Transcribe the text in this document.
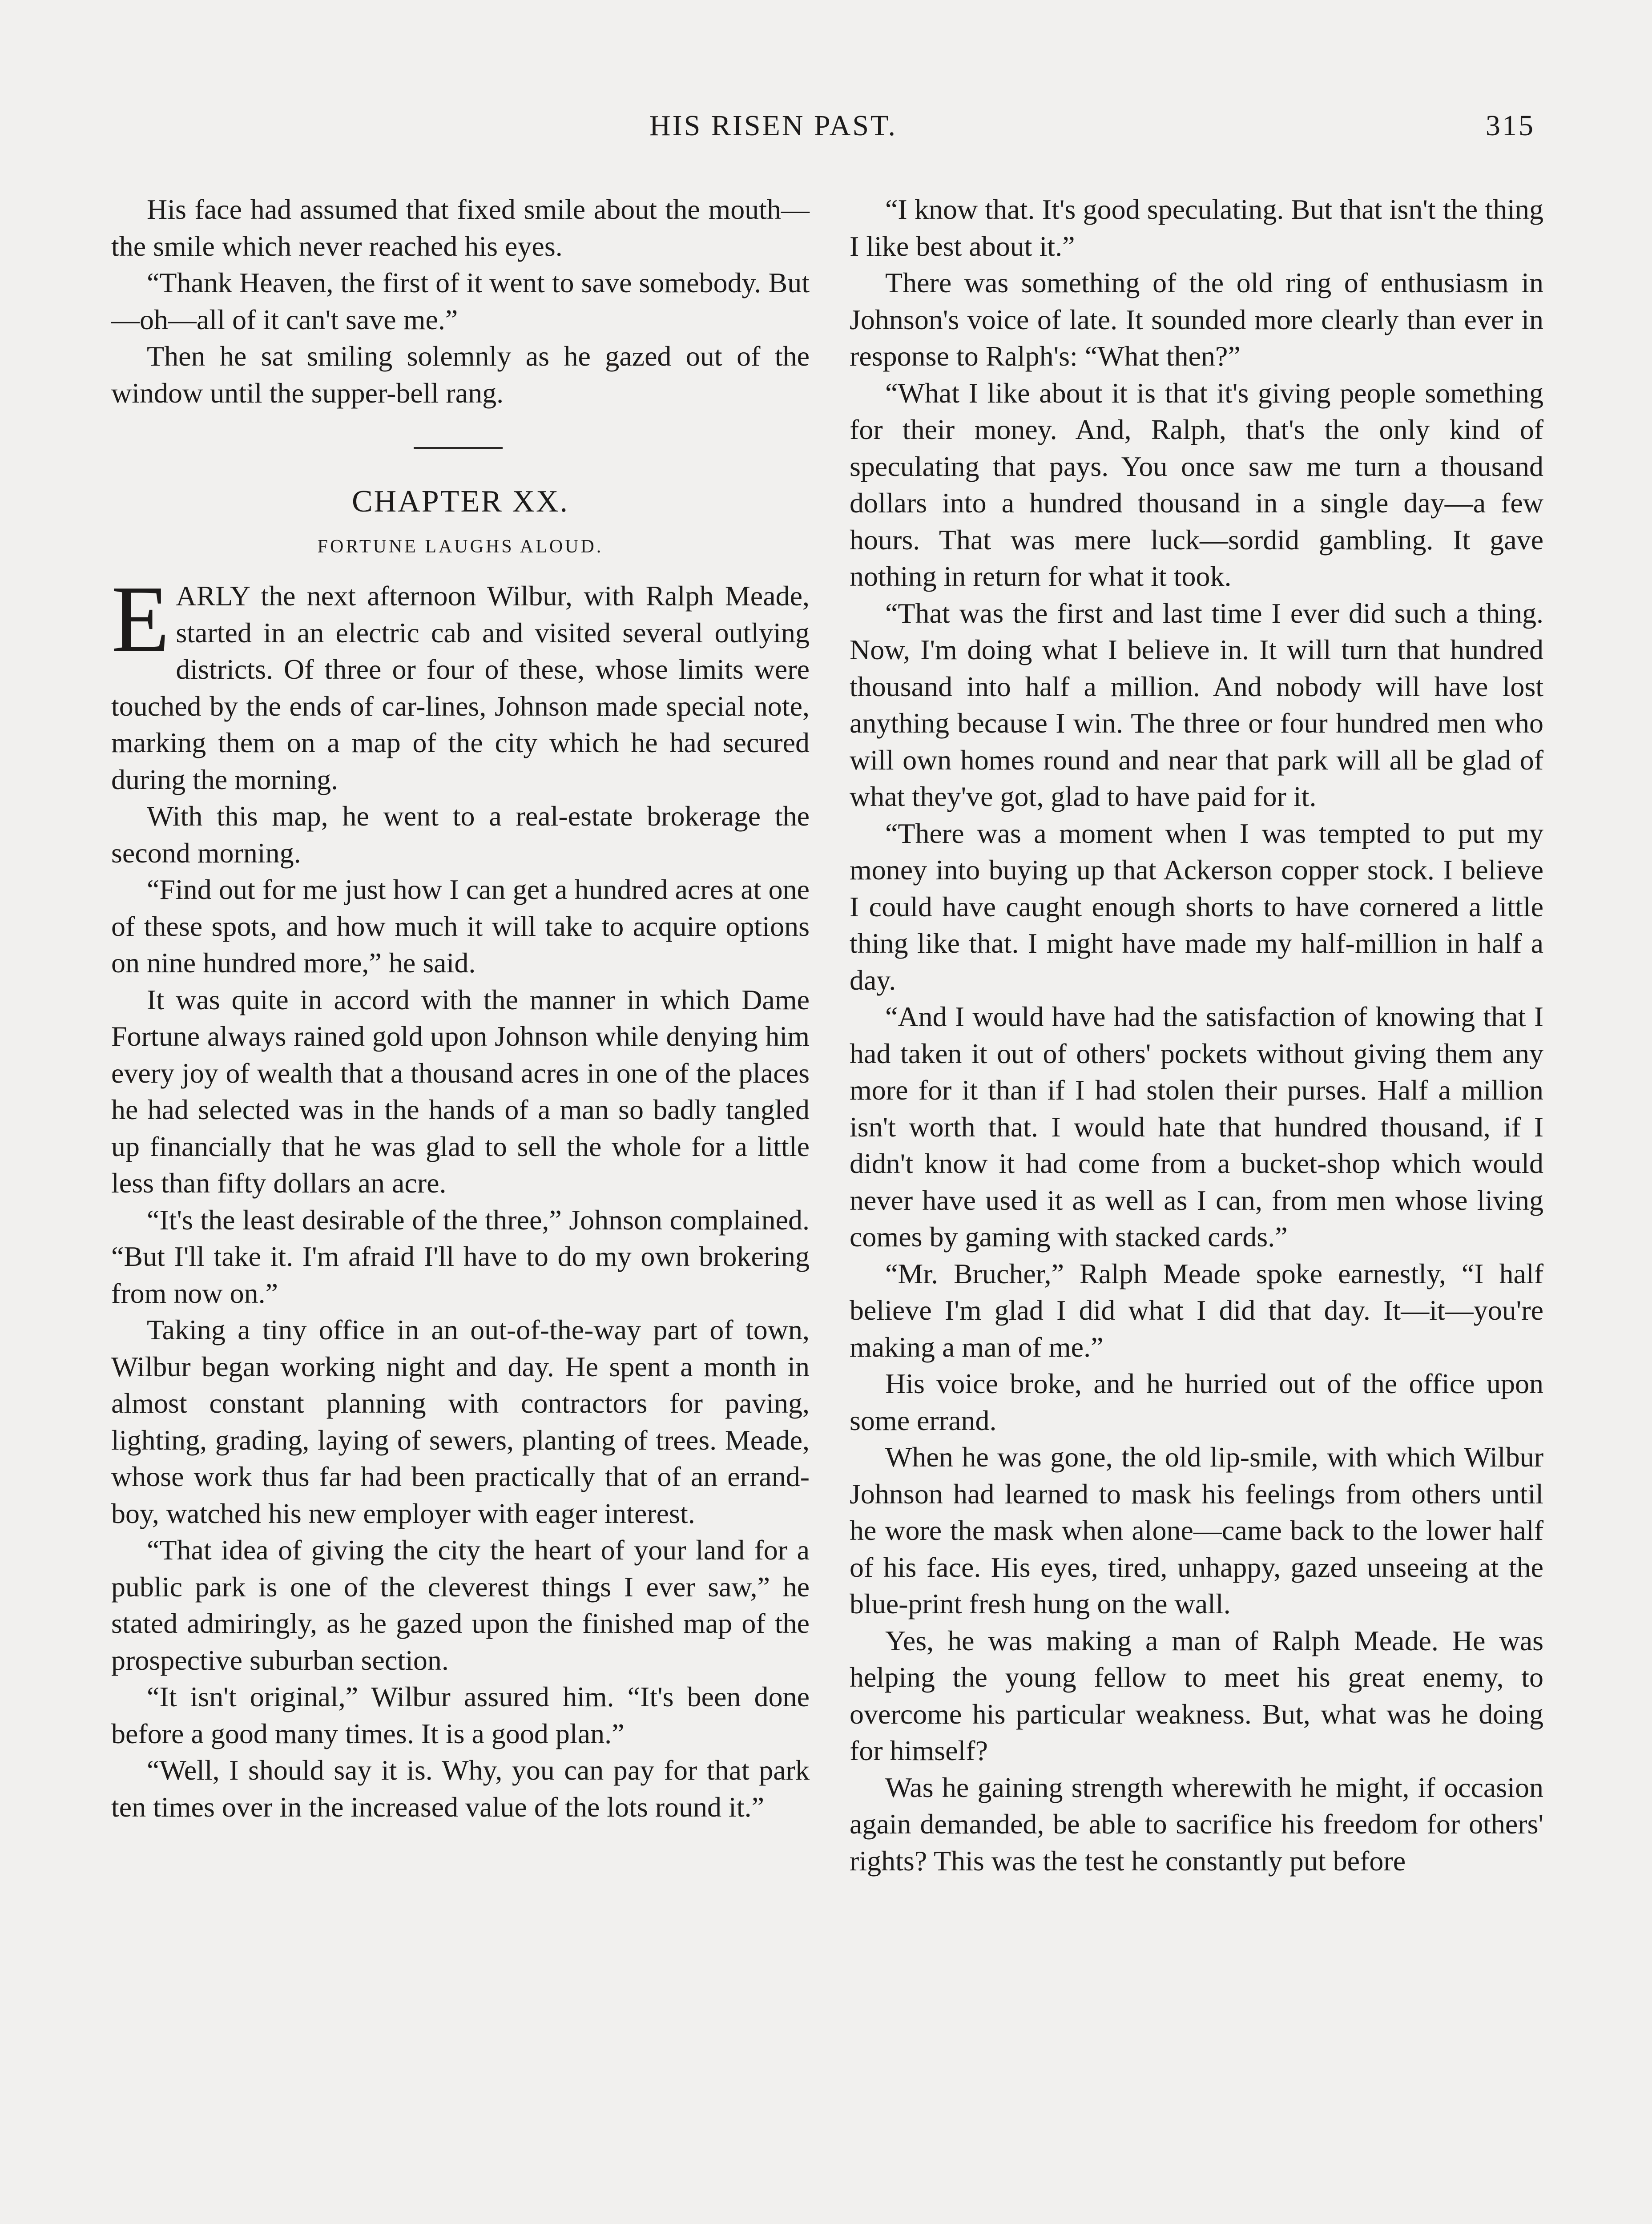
HIS RISEN PAST.	315

His face had assumed that fixed smile about the mouth—the smile which never reached his eyes.

“Thank Heaven, the first of it went to save somebody. But—oh—all of it can't save me.”

Then he sat smiling solemnly as he gazed out of the window until the supper-bell rang.

CHAPTER XX.
FORTUNE LAUGHS ALOUD.

EARLY the next afternoon Wilbur, with Ralph Meade, started in an electric cab and visited several outlying districts. Of three or four of these, whose limits were touched by the ends of car-lines, Johnson made special note, marking them on a map of the city which he had secured during the morning.

With this map, he went to a real-estate brokerage the second morning.

“Find out for me just how I can get a hundred acres at one of these spots, and how much it will take to acquire options on nine hundred more,” he said.

It was quite in accord with the manner in which Dame Fortune always rained gold upon Johnson while denying him every joy of wealth that a thousand acres in one of the places he had selected was in the hands of a man so badly tangled up financially that he was glad to sell the whole for a little less than fifty dollars an acre.

“It's the least desirable of the three,” Johnson complained. “But I'll take it. I'm afraid I'll have to do my own brokering from now on.”

Taking a tiny office in an out-of-the-way part of town, Wilbur began working night and day. He spent a month in almost constant planning with contractors for paving, lighting, grading, laying of sewers, planting of trees. Meade, whose work thus far had been practically that of an errand-boy, watched his new employer with eager interest.

“That idea of giving the city the heart of your land for a public park is one of the cleverest things I ever saw,” he stated admiringly, as he gazed upon the finished map of the prospective suburban section.

“It isn't original,” Wilbur assured him. “It's been done before a good many times. It is a good plan.”

“Well, I should say it is. Why, you can pay for that park ten times over in the increased value of the lots round it.”

“I know that. It's good speculating. But that isn't the thing I like best about it.”

There was something of the old ring of enthusiasm in Johnson's voice of late. It sounded more clearly than ever in response to Ralph's: “What then?”

“What I like about it is that it's giving people something for their money. And, Ralph, that's the only kind of speculating that pays. You once saw me turn a thousand dollars into a hundred thousand in a single day—a few hours. That was mere luck—sordid gambling. It gave nothing in return for what it took.

“That was the first and last time I ever did such a thing. Now, I'm doing what I believe in. It will turn that hundred thousand into half a million. And nobody will have lost anything because I win. The three or four hundred men who will own homes round and near that park will all be glad of what they've got, glad to have paid for it.

“There was a moment when I was tempted to put my money into buying up that Ackerson copper stock. I believe I could have caught enough shorts to have cornered a little thing like that. I might have made my half-million in half a day.

“And I would have had the satisfaction of knowing that I had taken it out of others' pockets without giving them any more for it than if I had stolen their purses. Half a million isn't worth that. I would hate that hundred thousand, if I didn't know it had come from a bucket-shop which would never have used it as well as I can, from men whose living comes by gaming with stacked cards.”

“Mr. Brucher,” Ralph Meade spoke earnestly, “I half believe I'm glad I did what I did that day. It—it—you're making a man of me.”

His voice broke, and he hurried out of the office upon some errand.

When he was gone, the old lip-smile, with which Wilbur Johnson had learned to mask his feelings from others until he wore the mask when alone—came back to the lower half of his face. His eyes, tired, unhappy, gazed unseeing at the blue-print fresh hung on the wall.

Yes, he was making a man of Ralph Meade. He was helping the young fellow to meet his great enemy, to overcome his particular weakness. But, what was he doing for himself?

Was he gaining strength wherewith he might, if occasion again demanded, be able to sacrifice his freedom for others' rights? This was the test he constantly put before
